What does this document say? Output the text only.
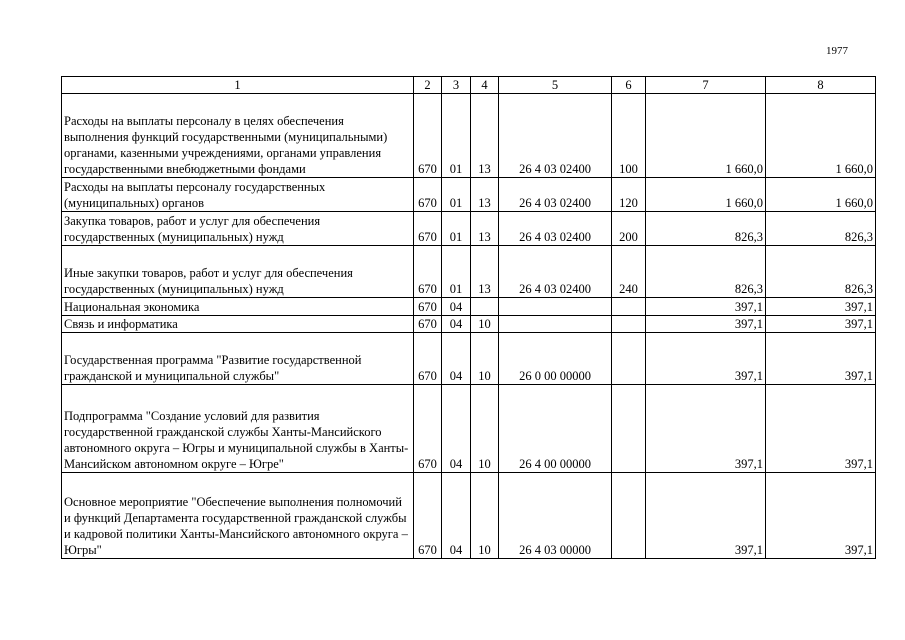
1977
1	2	3	4	5	6	7	8
Расходы на выплаты персоналу в целях обеспечения выполнения функций государственными (муниципальными) органами, казенными учреждениями, органами управления государственными внебюджетными фондами	670	01	13	26 4 03 02400	100	1 660,0	1 660,0
Расходы на выплаты персоналу государственных (муниципальных) органов	670	01	13	26 4 03 02400	120	1 660,0	1 660,0
Закупка товаров, работ и услуг для обеспечения государственных (муниципальных) нужд	670	01	13	26 4 03 02400	200	826,3	826,3
Иные закупки товаров, работ и услуг для обеспечения государственных (муниципальных) нужд	670	01	13	26 4 03 02400	240	826,3	826,3
Национальная экономика	670	04				397,1	397,1
Связь и информатика	670	04	10			397,1	397,1
Государственная программа "Развитие государственной гражданской и муниципальной службы"	670	04	10	26 0 00 00000		397,1	397,1
Подпрограмма "Создание условий для развития государственной гражданской службы Ханты-Мансийского автономного округа – Югры и муниципальной службы в Ханты-Мансийском автономном округе – Югре"	670	04	10	26 4 00 00000		397,1	397,1
Основное мероприятие "Обеспечение выполнения полномочий и функций Департамента государственной гражданской службы и кадровой политики Ханты-Мансийского автономного округа – Югры"	670	04	10	26 4 03 00000		397,1	397,1
